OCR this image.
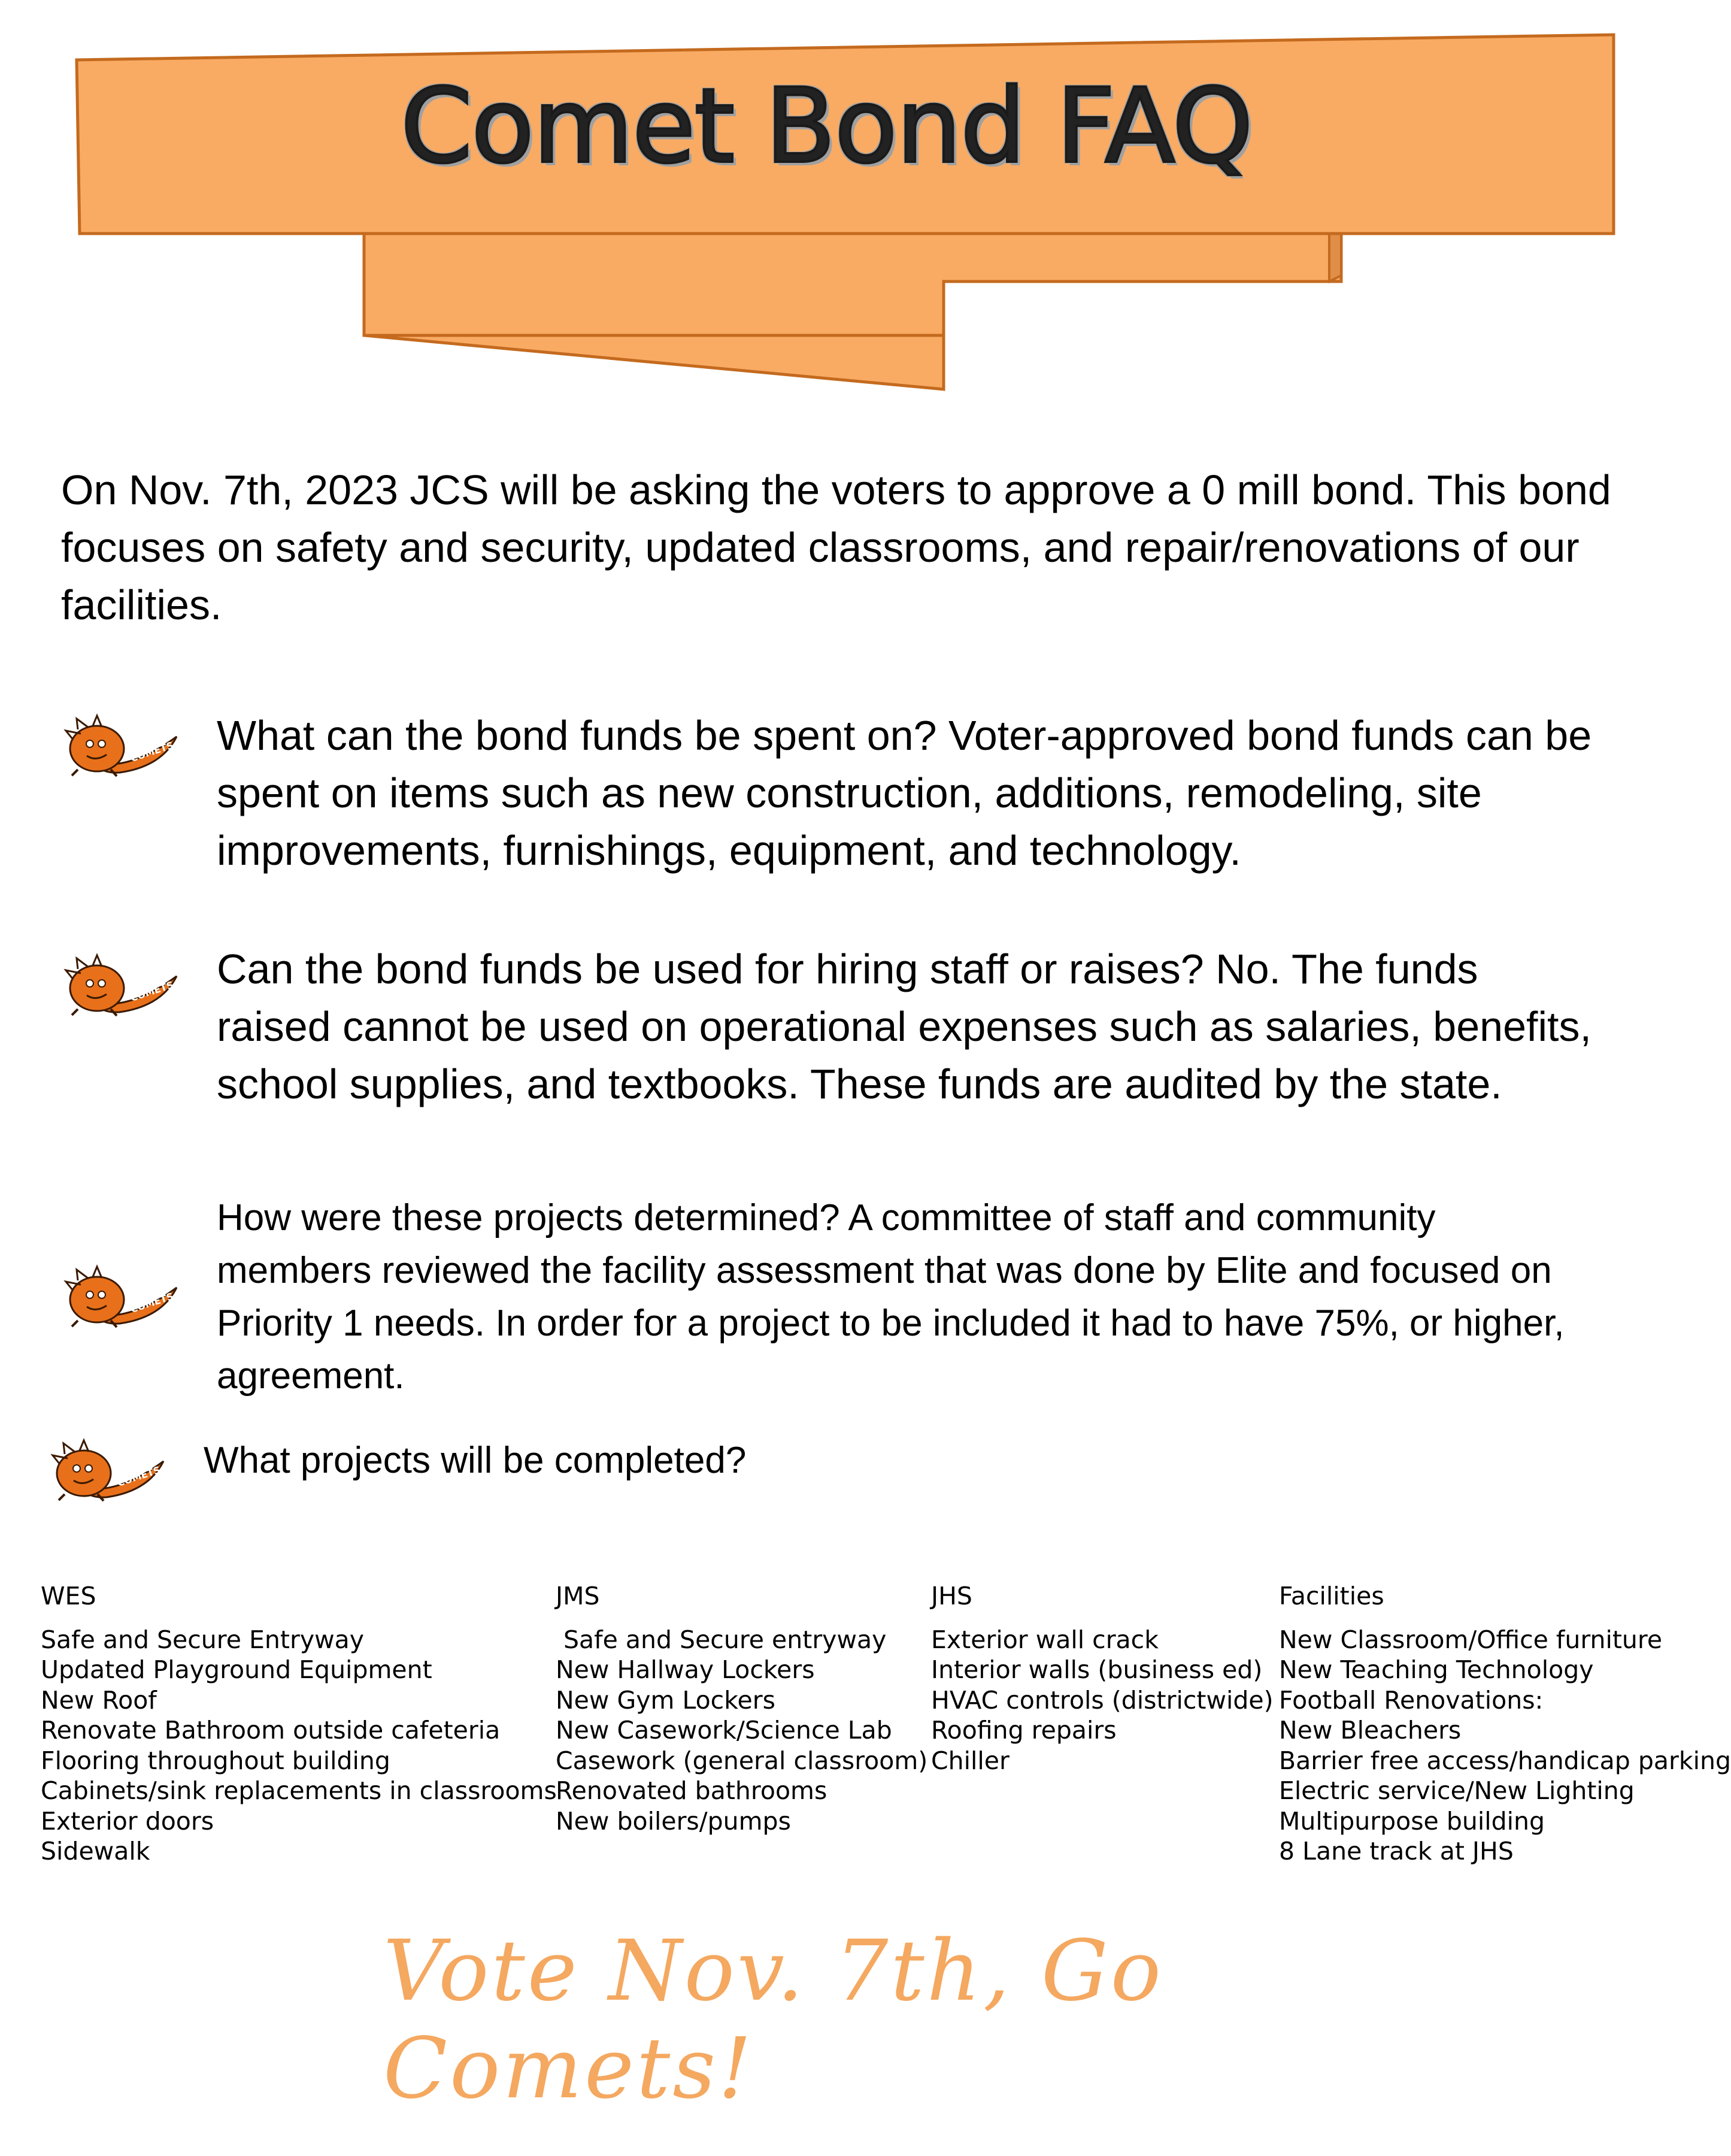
Comet Bond FAQ
On Nov. 7th, 2023 JCS will be asking the voters to approve a 0 mill bond. This bond focuses on safety and security, updated classrooms, and repair/renovations of our facilities.
What can the bond funds be spent on? Voter-approved bond funds can be spent on items such as new construction, additions, remodeling, site improvements, furnishings, equipment, and technology.
Can the bond funds be used for hiring staff or raises? No. The funds raised cannot be used on operational expenses such as salaries, benefits, school supplies, and textbooks. These funds are audited by the state.
How were these projects determined? A committee of staff and community members reviewed the facility assessment that was done by Elite and focused on Priority 1 needs. In order for a project to be included it had to have 75%, or higher, agreement.
What projects will be completed?
WES
Safe and Secure Entryway
Updated Playground Equipment
New Roof
Renovate Bathroom outside cafeteria
Flooring throughout building
Cabinets/sink replacements in classrooms
Exterior doors
Sidewalk
JMS
Safe and Secure entryway
New Hallway Lockers
New Gym Lockers
New Casework/Science Lab
Casework (general classroom)
Renovated bathrooms
New boilers/pumps
JHS
Exterior wall crack
Interior walls (business ed)
HVAC controls (districtwide)
Roofing repairs
Chiller
Facilities
New Classroom/Office furniture
New Teaching Technology
Football Renovations:
New Bleachers
Barrier free access/handicap parking
Electric service/New Lighting
Multipurpose building
8 Lane track at JHS
Vote Nov. 7th, Go Comets!
